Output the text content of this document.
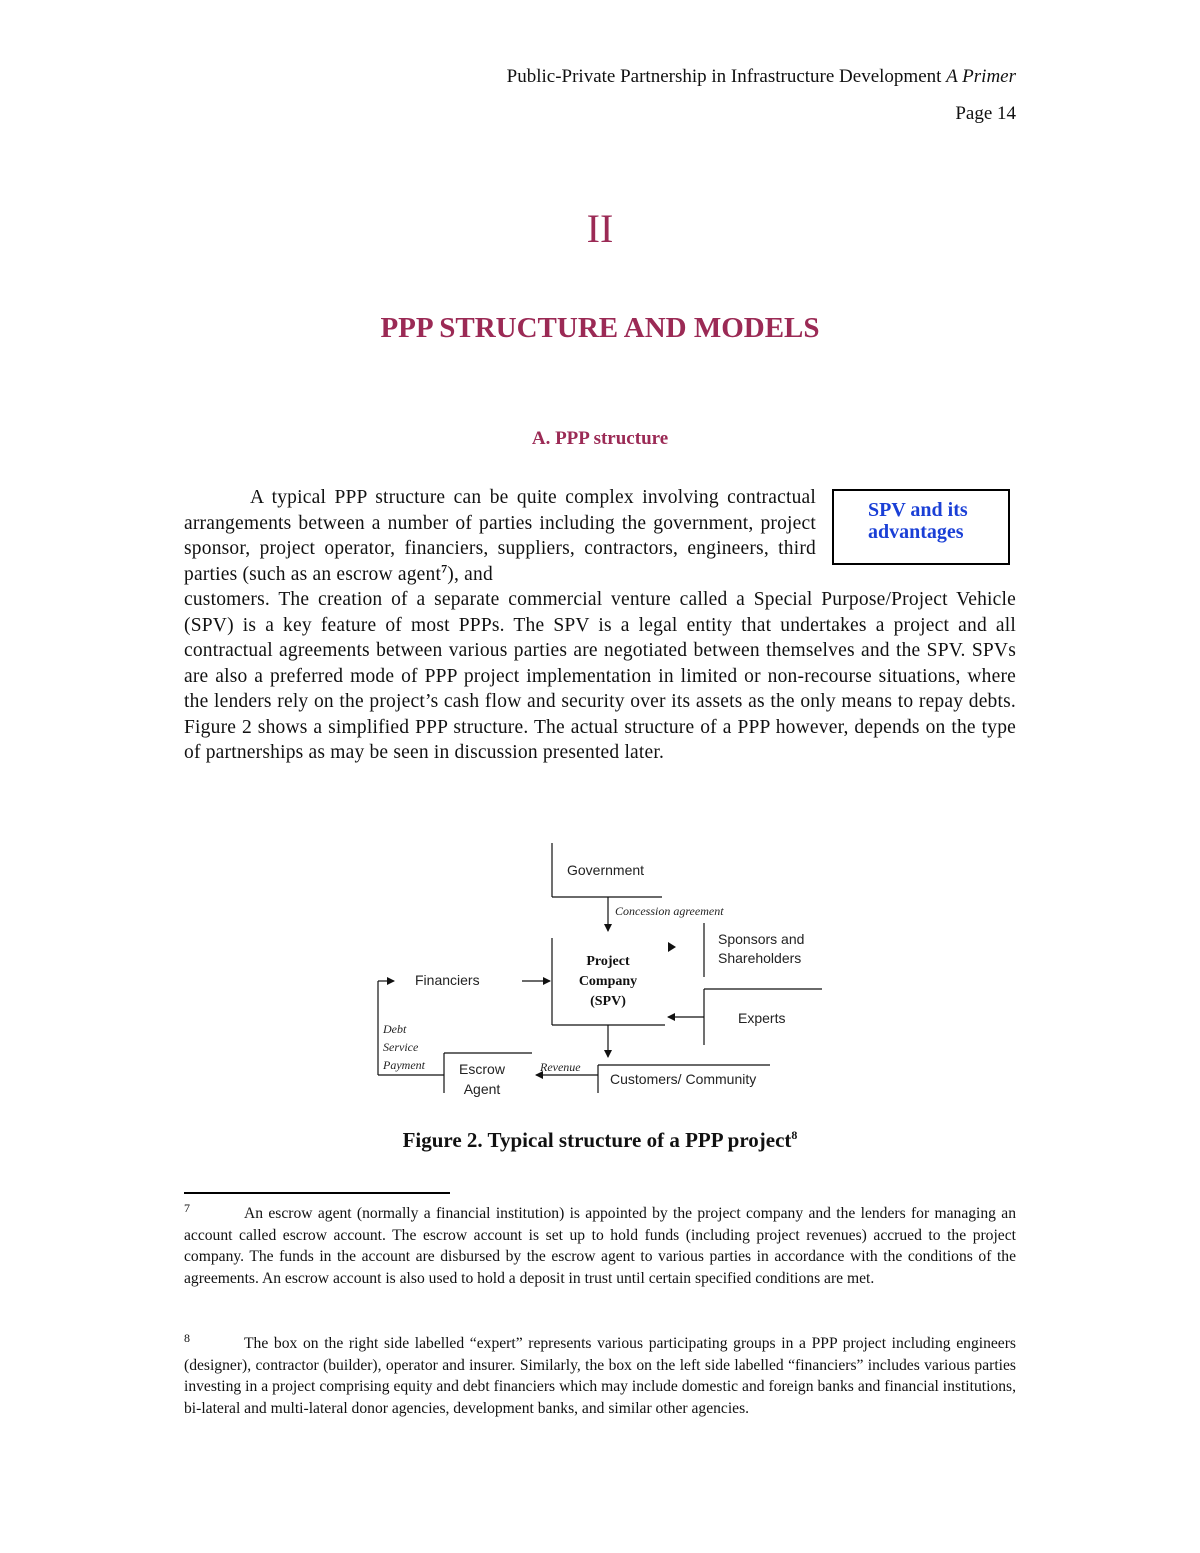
Public-Private Partnership in Infrastructure Development A Primer
Page 14
II
PPP STRUCTURE AND MODELS
A. PPP structure
SPV and its
advantages
A typical PPP structure can be quite complex involving contractual arrangements between a number of parties including the government, project sponsor, project operator, financiers, suppliers, contractors, engineers, third parties (such as an escrow agent$^7$), and
customers. The creation of a separate commercial venture called a Special Purpose/Project Vehicle (SPV) is a key feature of most PPPs. The SPV is a legal entity that undertakes a project and all contractual agreements between various parties are negotiated between themselves and the SPV. SPVs are also a preferred mode of PPP project implementation in limited or non-recourse situations, where the lenders rely on the project’s cash flow and security over its assets as the only means to repay debts. Figure 2 shows a simplified PPP structure. The actual structure of a PPP however, depends on the type of partnerships as may be seen in discussion presented later.
Government
Concession agreement
Project
Company
(SPV)
Sponsors and
Shareholders
Experts
Financiers
Debt
Service
Payment Escrow
Agent
Customers/ Community
Revenue
Figure 2. Typical structure of a PPP project$^8$
$^7$	An escrow agent (normally a financial institution) is appointed by the project company and the lenders for managing an account called escrow account. The escrow account is set up to hold funds (including project revenues) accrued to the project company. The funds in the account are disbursed by the escrow agent to various parties in accordance with the conditions of the agreements. An escrow account is also used to hold a deposit in trust until certain specified conditions are met.
$^8$	The box on the right side labelled “expert” represents various participating groups in a PPP project including engineers (designer), contractor (builder), operator and insurer. Similarly, the box on the left side labelled “financiers” includes various parties investing in a project comprising equity and debt financiers which may include domestic and foreign banks and financial institutions, bi-lateral and multi-lateral donor agencies, development banks, and similar other agencies.
